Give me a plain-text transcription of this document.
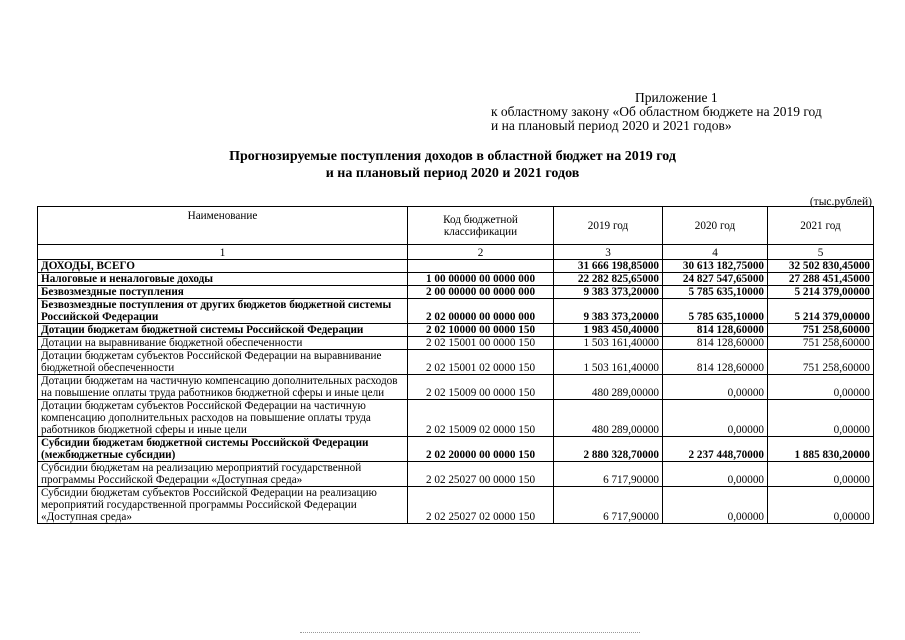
Приложение 1
к областному закону «Об областном бюджете на 2019 год
и на плановый период 2020 и 2021 годов»
Прогнозируемые поступления доходов в областной бюджет на 2019 год
и на плановый период 2020 и 2021 годов
(тыс.рублей)
Наименование	Код бюджетной классификации	2019 год	2020 год	2021 год
1	2	3	4	5
ДОХОДЫ, ВСЕГО		31 666 198,85000	30 613 182,75000	32 502 830,45000
Налоговые и неналоговые доходы	1 00 00000 00 0000 000	22 282 825,65000	24 827 547,65000	27 288 451,45000
Безвозмездные поступления	2 00 00000 00 0000 000	9 383 373,20000	5 785 635,10000	5 214 379,00000
Безвозмездные поступления от других бюджетов бюджетной системы Российской Федерации	2 02 00000 00 0000 000	9 383 373,20000	5 785 635,10000	5 214 379,00000
Дотации бюджетам бюджетной системы Российской Федерации	2 02 10000 00 0000 150	1 983 450,40000	814 128,60000	751 258,60000
Дотации на выравнивание бюджетной обеспеченности	2 02 15001 00 0000 150	1 503 161,40000	814 128,60000	751 258,60000
Дотации бюджетам субъектов Российской Федерации на выравнивание бюджетной обеспеченности	2 02 15001 02 0000 150	1 503 161,40000	814 128,60000	751 258,60000
Дотации бюджетам на частичную компенсацию дополнительных расходов на повышение оплаты труда работников бюджетной сферы и иные цели	2 02 15009 00 0000 150	480 289,00000	0,00000	0,00000
Дотации бюджетам субъектов Российской Федерации на частичную компенсацию дополнительных расходов на повышение оплаты труда работников бюджетной сферы и иные цели	2 02 15009 02 0000 150	480 289,00000	0,00000	0,00000
Субсидии бюджетам бюджетной системы Российской Федерации (межбюджетные субсидии)	2 02 20000 00 0000 150	2 880 328,70000	2 237 448,70000	1 885 830,20000
Субсидии бюджетам на реализацию мероприятий государственной программы Российской Федерации «Доступная среда»	2 02 25027 00 0000 150	6 717,90000	0,00000	0,00000
Субсидии бюджетам субъектов Российской Федерации на реализацию мероприятий государственной программы Российской Федерации «Доступная среда»	2 02 25027 02 0000 150	6 717,90000	0,00000	0,00000
